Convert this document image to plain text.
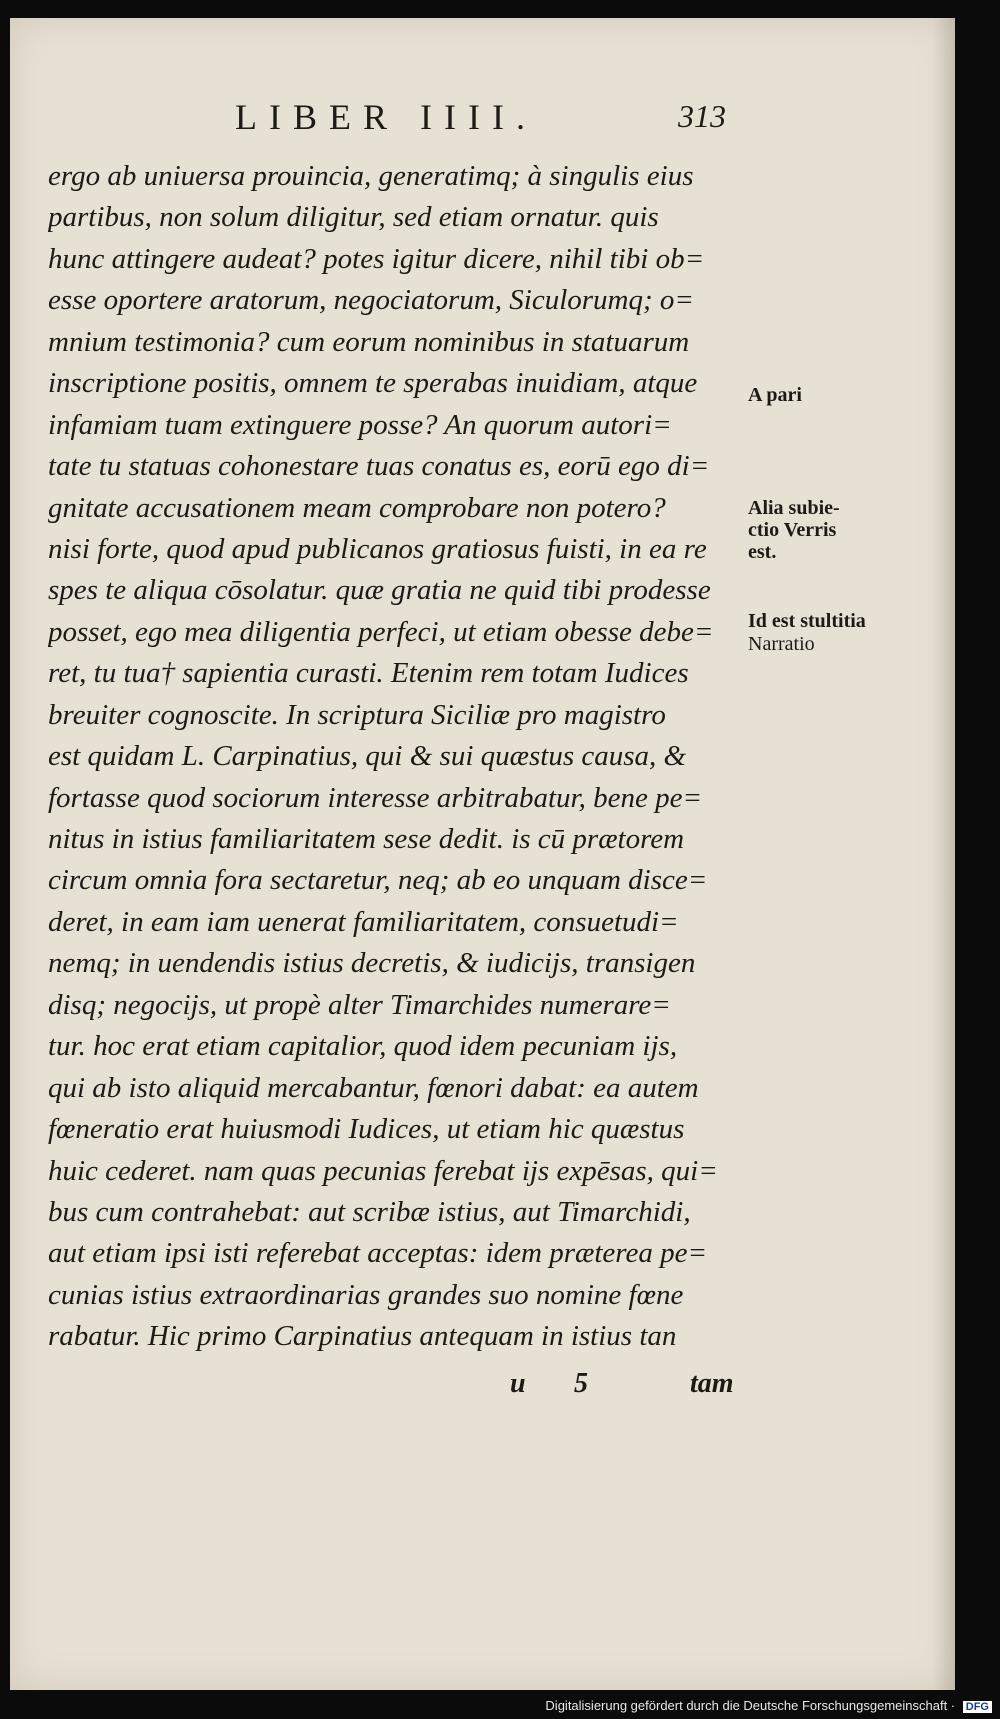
LIBER IIII.	313
ergo ab uniuersa prouincia, generatimq; à singulis eius
partibus, non solum diligitur, sed etiam ornatur. quis
hunc attingere audeat? potes igitur dicere, nihil tibi ob=
esse oportere aratorum, negociatorum, Siculorumq; o=
mnium testimonia? cum eorum nominibus in statuarum
inscriptione positis, omnem te sperabas inuidiam, atque
infamiam tuam extinguere posse? An quorum autori=
tate tu statuas cohonestare tuas conatus es, eorū ego di=
gnitate accusationem meam comprobare non potero?
nisi forte, quod apud publicanos gratiosus fuisti, in ea re
spes te aliqua cōsolatur. quæ gratia ne quid tibi prodesse
posset, ego mea diligentia perfeci, ut etiam obesse debe=
ret, tu tua† sapientia curasti. Etenim rem totam Iudices
breuiter cognoscite. In scriptura Siciliæ pro magistro
est quidam L. Carpinatius, qui & sui quæstus causa, &
fortasse quod sociorum interesse arbitrabatur, bene pe=
nitus in istius familiaritatem sese dedit. is cū prætorem
circum omnia fora sectaretur, neq; ab eo unquam disce=
deret, in eam iam uenerat familiaritatem, consuetudi=
nemq; in uendendis istius decretis, & iudicijs, transigen
disq; negocijs, ut propè alter Timarchides numerare=
tur. hoc erat etiam capitalior, quod idem pecuniam ijs,
qui ab isto aliquid mercabantur, fœnori dabat: ea autem
fœneratio erat huiusmodi Iudices, ut etiam hic quæstus
huic cederet. nam quas pecunias ferebat ijs expēsas, qui=
bus cum contrahebat: aut scribæ istius, aut Timarchidi,
aut etiam ipsi isti referebat acceptas: idem præterea pe=
cunias istius extraordinarias grandes suo nomine fœne
rabatur. Hic primo Carpinatius antequam in istius tan
A pari
Alia subie-
ctio Verris
est.
Id est stultitia
Narratio
u 5	tam
Digitalisierung gefördert durch die Deutsche Forschungsgemeinschaft · DFG
